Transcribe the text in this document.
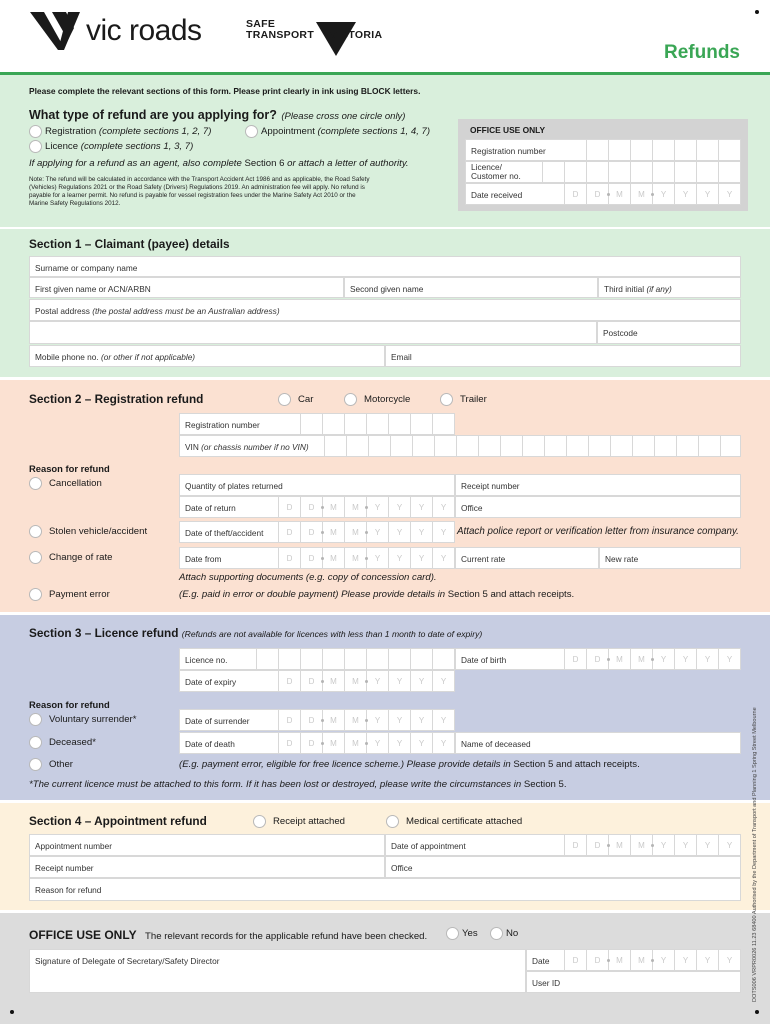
vic roads	SAFE
TRANSPORT VICTORIA
Refunds
Please complete the relevant sections of this form. Please print clearly in ink using BLOCK letters.
What type of refund are you applying for? (Please cross one circle only)
Registration (complete sections 1, 2, 7)	Appointment (complete sections 1, 4, 7)
Licence (complete sections 1, 3, 7)
If applying for a refund as an agent, also complete Section 6 or attach a letter of authority.
Note: The refund will be calculated in accordance with the Transport Accident Act 1986 and as applicable, the Road Safety
(Vehicles) Regulations 2021 or the Road Safety (Drivers) Regulations 2019. An administration fee will apply. No refund is
payable for a learner permit. No refund is payable for vessel registration fees under the Marine Safety Act 2010 or the
Marine Safety Regulations 2012.
OFFICE USE ONLY
Registration number
Licence/
Customer no.
Date received	D	D	M	M	Y	Y	Y	Y
Section 1 – Claimant (payee) details
Surname or company name
First given name or ACN/ARBN	Second given name	Third initial (if any)
Postal address (the postal address must be an Australian address)
Postcode
Mobile phone no. (or other if not applicable)	Email
Section 2 – Registration refund	Car	Motorcycle	Trailer
Registration number
VIN (or chassis number if no VIN)
Reason for refund
Cancellation	Quantity of plates returned	Receipt number
Date of return	D	D	M	M	Y	Y	Y	Y	Office
Stolen vehicle/accident	Date of theft/accident	D	D	M	M	Y	Y	Y	Y	Attach police report or verification letter from insurance company.
Change of rate	Date from	D	D	M	M	Y	Y	Y	Y	Current rate	New rate
Attach supporting documents (e.g. copy of concession card).
Payment error	(E.g. paid in error or double payment) Please provide details in Section 5 and attach receipts.
Section 3 – Licence refund (Refunds are not available for licences with less than 1 month to date of expiry)
Licence no.	Date of birth	D	D	M	M	Y	Y	Y	Y
Date of expiry	D	D	M	M	Y	Y	Y	Y
Reason for refund
Voluntary surrender*	Date of surrender	D	D	M	M	Y	Y	Y	Y
Deceased*	Date of death	D	D	M	M	Y	Y	Y	Y	Name of deceased
Other	(E.g. payment error, eligible for free licence scheme.) Please provide details in Section 5 and attach receipts.
*The current licence must be attached to this form. If it has been lost or destroyed, please write the circumstances in Section 5.
Section 4 – Appointment refund	Receipt attached	Medical certificate attached
Appointment number	Date of appointment	D	D	M	M	Y	Y	Y	Y
Receipt number	Office
Reason for refund
OFFICE USE ONLY The relevant records for the applicable refund have been checked.	Yes	No
Signature of Delegate of Secretary/Safety Director	Date	D	D	M	M	Y	Y	Y	Y
User ID	DOTS006 VRPR0026 11.23 68400 Authorised by the Department of Transport and Planning 1 Spring Street Melbourne
